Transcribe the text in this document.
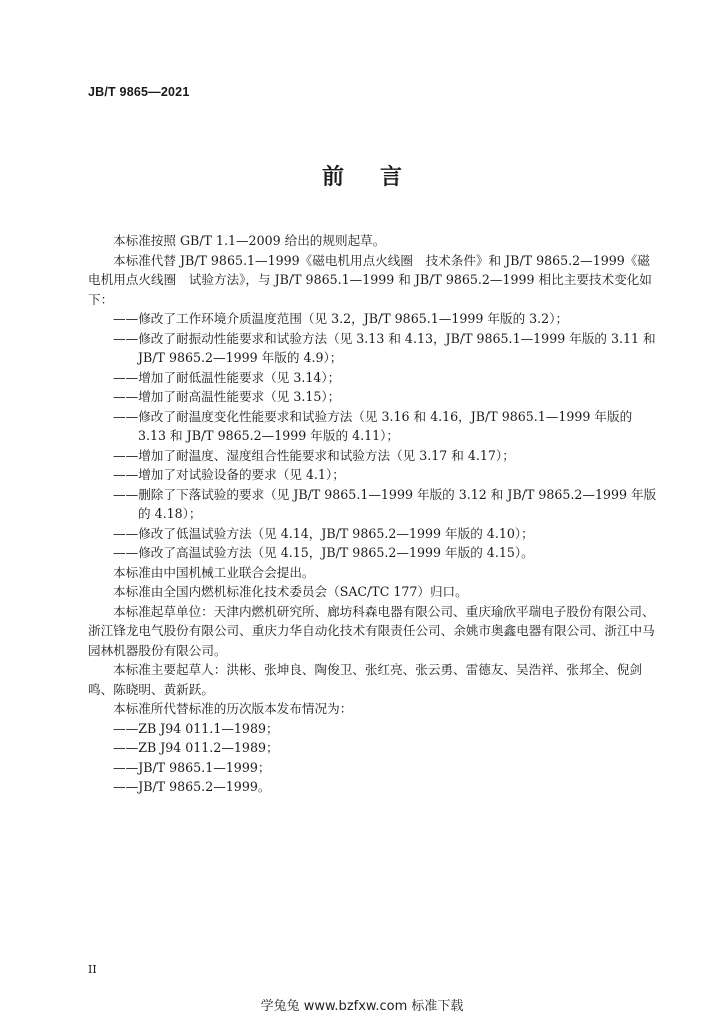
JB/T 9865—2021
前 言

本标准按照 GB/T 1.1—2009 给出的规则起草。

本标准代替 JB/T 9865.1—1999《磁电机用点火线圈　技术条件》和 JB/T 9865.2—1999《磁电机用点火线圈　试验方法》，与 JB/T 9865.1—1999 和 JB/T 9865.2—1999 相比主要技术变化如下：

——修改了工作环境介质温度范围（见 3.2，JB/T 9865.1—1999 年版的 3.2）；

——修改了耐振动性能要求和试验方法（见 3.13 和 4.13，JB/T 9865.1—1999 年版的 3.11 和 JB/T 9865.2—1999 年版的 4.9）；

——增加了耐低温性能要求（见 3.14）；

——增加了耐高温性能要求（见 3.15）；

——修改了耐温度变化性能要求和试验方法（见 3.16 和 4.16，JB/T 9865.1—1999 年版的 3.13 和 JB/T 9865.2—1999 年版的 4.11）；

——增加了耐温度、湿度组合性能要求和试验方法（见 3.17 和 4.17）；

——增加了对试验设备的要求（见 4.1）；

——删除了下落试验的要求（见 JB/T 9865.1—1999 年版的 3.12 和 JB/T 9865.2—1999 年版的 4.18）；

——修改了低温试验方法（见 4.14，JB/T 9865.2—1999 年版的 4.10）；

——修改了高温试验方法（见 4.15，JB/T 9865.2—1999 年版的 4.15）。

本标准由中国机械工业联合会提出。

本标准由全国内燃机标准化技术委员会（SAC/TC 177）归口。

本标准起草单位：天津内燃机研究所、廊坊科森电器有限公司、重庆瑜欣平瑞电子股份有限公司、浙江锋龙电气股份有限公司、重庆力华自动化技术有限责任公司、余姚市奥鑫电器有限公司、浙江中马园林机器股份有限公司。

本标准主要起草人：洪彬、张坤良、陶俊卫、张红亮、张云勇、雷德友、吴浩祥、张邦全、倪剑鸣、陈晓明、黄新跃。

本标准所代替标准的历次版本发布情况为：

——ZB J94 011.1—1989；

——ZB J94 011.2—1989；

——JB/T 9865.1—1999；

——JB/T 9865.2—1999。

II
学兔兔 www.bzfxw.com 标准下载
